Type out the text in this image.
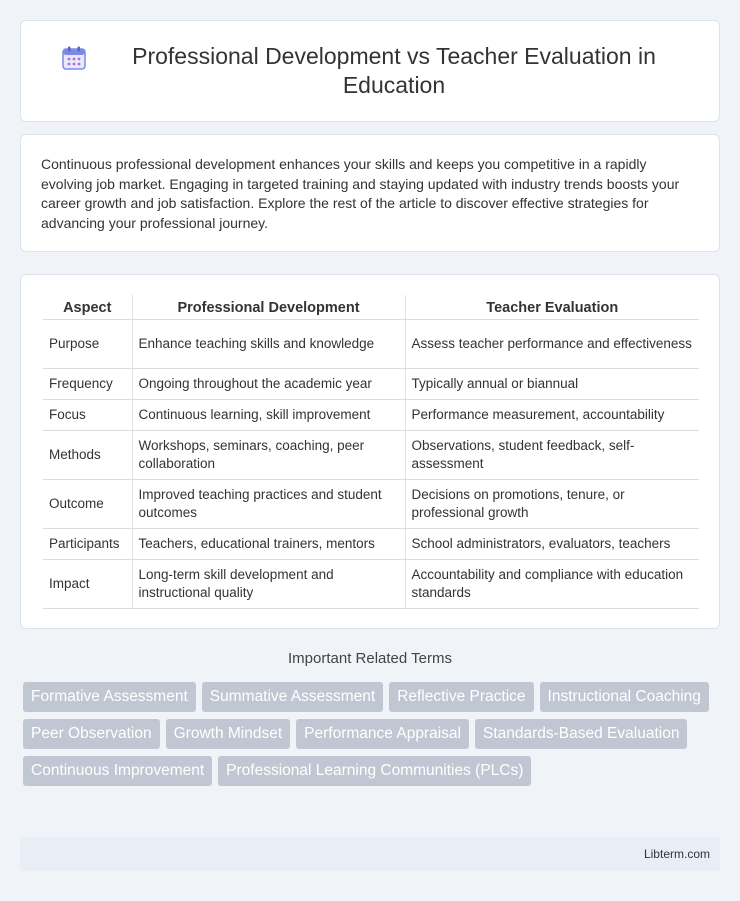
Professional Development vs Teacher Evaluation in Education

Continuous professional development enhances your skills and keeps you competitive in a rapidly evolving job market. Engaging in targeted training and staying updated with industry trends boosts your career growth and job satisfaction. Explore the rest of the article to discover effective strategies for advancing your professional journey.

Aspect	Professional Development	Teacher Evaluation
Purpose	Enhance teaching skills and knowledge	Assess teacher performance and effectiveness
Frequency	Ongoing throughout the academic year	Typically annual or biannual
Focus	Continuous learning, skill improvement	Performance measurement, accountability
Methods	Workshops, seminars, coaching, peer collaboration	Observations, student feedback, self-assessment
Outcome	Improved teaching practices and student outcomes	Decisions on promotions, tenure, or professional growth
Participants	Teachers, educational trainers, mentors	School administrators, evaluators, teachers
Impact	Long-term skill development and instructional quality	Accountability and compliance with education standards
Important Related Terms
Formative Assessment	Summative Assessment	Reflective Practice	Instructional Coaching
Peer Observation	Growth Mindset	Performance Appraisal	Standards-Based Evaluation
Continuous Improvement	Professional Learning Communities (PLCs)
Libterm.com
